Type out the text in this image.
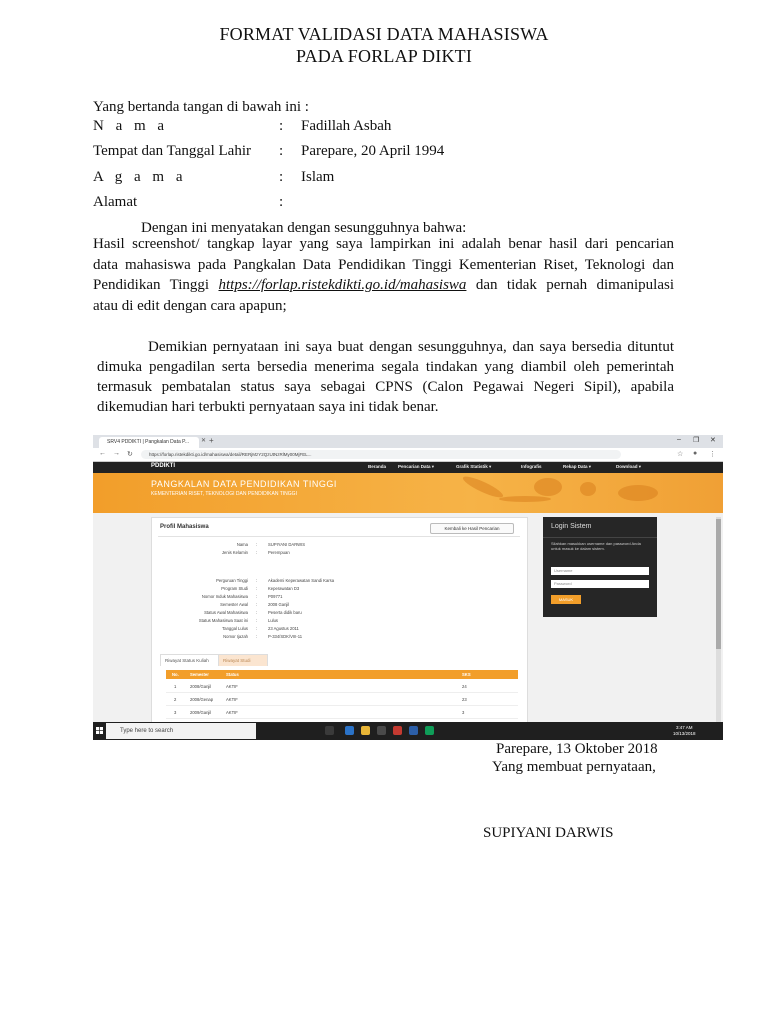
FORMAT VALIDASI DATA MAHASISWA
PADA FORLAP DIKTI
Yang bertanda tangan di bawah ini :
N a m a	: Fadillah Asbah
Tempat dan Tanggal Lahir : Parepare, 20 April 1994
A g a m a	: Islam
Alamat	:
Dengan ini menyatakan dengan sesungguhnya bahwa:
Hasil screenshot/ tangkap layar yang saya lampirkan ini adalah benar hasil dari pencarian
data mahasiswa pada Pangkalan Data Pendidikan Tinggi Kementerian Riset, Teknologi dan
Pendidikan Tinggi https://forlap.ristekdikti.go.id/mahasiswa dan tidak pernah dimanipulasi
atau di edit dengan cara apapun;
Demikian pernyataan ini saya buat dengan sesungguhnya, dan saya bersedia dituntut
dimuka pengadilan serta bersedia menerima segala tindakan yang diambil oleh pemerintah
termasuk pembatalan status saya sebagai CPNS (Calon Pegawai Negeri Sipil), apabila
dikemudian hari terbukti pernyataan saya ini tidak benar.
SRV4 PDDIKTI | Pangkalan Data P...	✕ +	– ❐ ✕
← → ↻	https://forlap.ristekdikti.go.id/mahasiswa/detail/RERjMzY2QzUtNzRlMy00MjFEL...	☆ ● ⋮
PDDIKTI	Beranda	Pencarian Data ▾	Grafik Statistik ▾	Infografis	Rekap Data ▾	Download ▾
PANGKALAN DATA PENDIDIKAN TINGGI
KEMENTERIAN RISET, TEKNOLOGI DAN PENDIDIKAN TINGGI
Profil Mahasiswa	Kembali ke Hasil Pencarian
Nama :	SUPIYANI DARWIS
Jenis Kelamin :	Perempuan
Perguruan Tinggi :	Akademi Keperawatan Sandi Karsa
Program Studi :	Keperawatan D3
Nomor Induk Mahasiswa :	P09771
Semester Awal :	2008 Ganjil
Status Awal Mahasiswa :	Peserta didik baru
Status Mahasiswa Saat ini :	Lulus
Tanggal Lulus :	23 Agustus 2011
Nomor Ijazah :	P-334/SDK/VIII-11
Riwayat Status Kuliah	Riwayat Studi
No.	Semester	Status	SKS
1	2008/Ganjil	AKTIF	24
2	2008/Genap	AKTIF	23
3	2009/Ganjil	AKTIF	3
Login Sistem
Silahkan masukkan username dan password Anda untuk masuk ke dalam sistem.
Username
Password
MASUK
Type here to search
3:47 AM
10/13/2018
Parepare, 13 Oktober 2018
Yang membuat pernyataan,
SUPIYANI DARWIS
